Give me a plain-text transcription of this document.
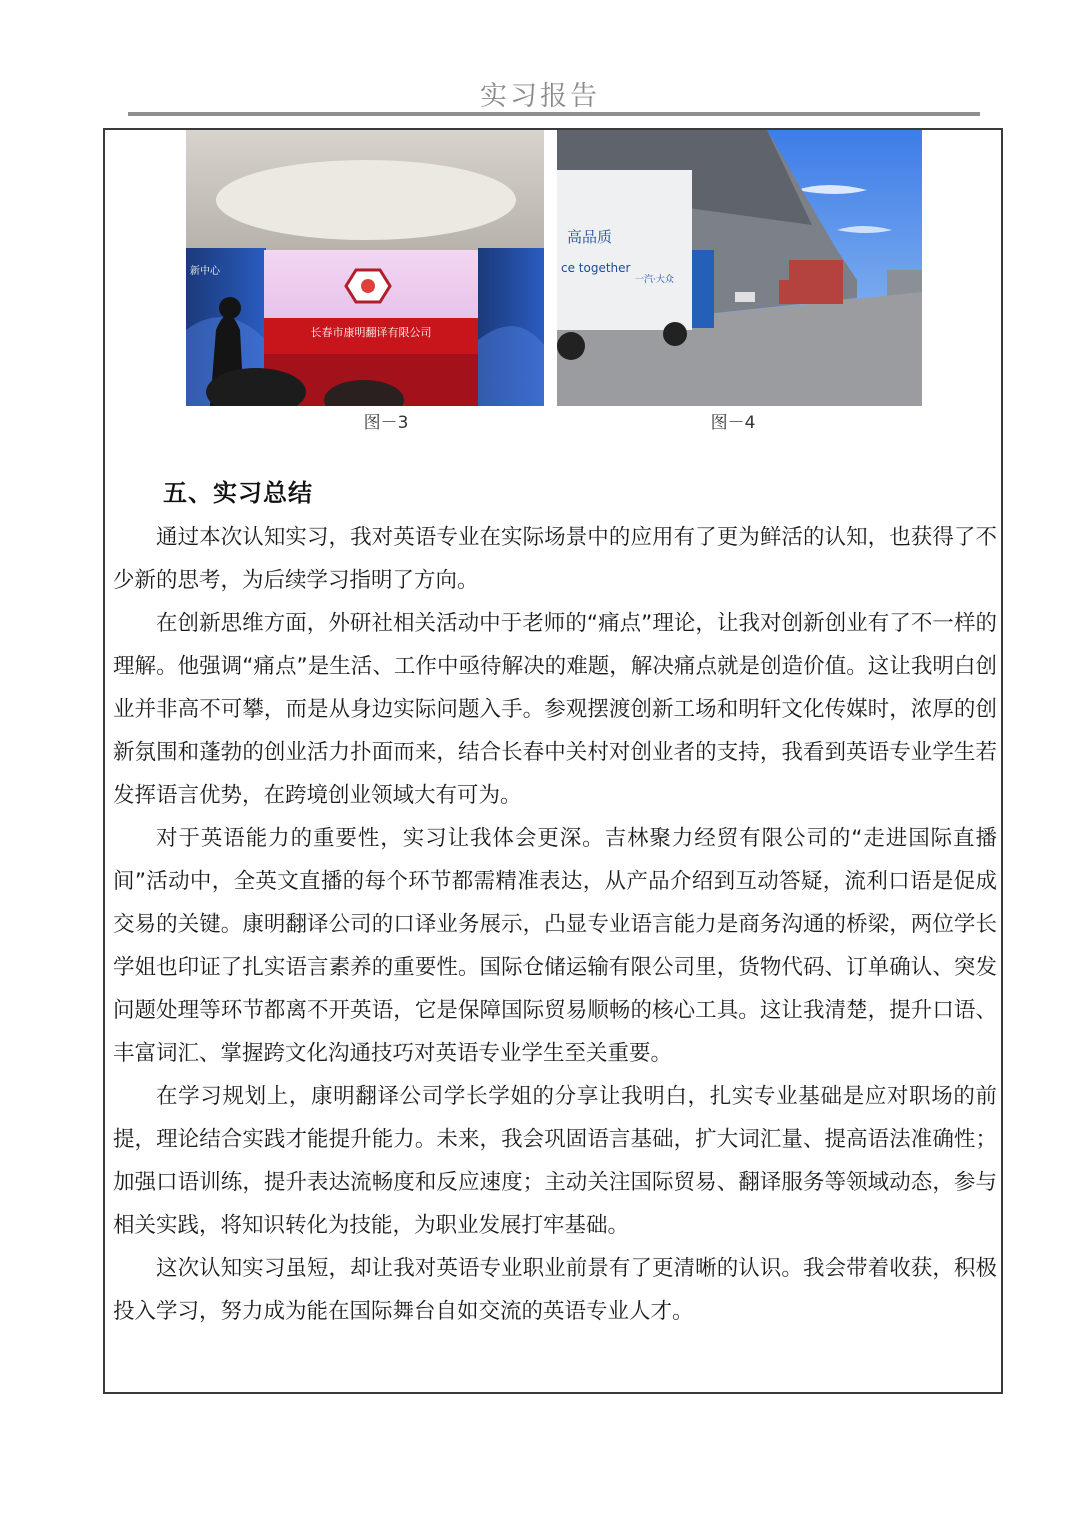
实习报告
长春市康明翻译有限公司
新中心
图－3
高品质
ce together
一汽·大众
图－4
五、实习总结

通过本次认知实习，我对英语专业在实际场景中的应用有了更为鲜活的认知，也获得了不少新的思考，为后续学习指明了方向。

在创新思维方面，外研社相关活动中于老师的“痛点”理论，让我对创新创业有了不一样的理解。他强调“痛点”是生活、工作中亟待解决的难题，解决痛点就是创造价值。这让我明白创业并非高不可攀，而是从身边实际问题入手。参观摆渡创新工场和明轩文化传媒时，浓厚的创新氛围和蓬勃的创业活力扑面而来，结合长春中关村对创业者的支持，我看到英语专业学生若发挥语言优势，在跨境创业领域大有可为。

对于英语能力的重要性，实习让我体会更深。吉林聚力经贸有限公司的“走进国际直播间”活动中，全英文直播的每个环节都需精准表达，从产品介绍到互动答疑，流利口语是促成交易的关键。康明翻译公司的口译业务展示，凸显专业语言能力是商务沟通的桥梁，两位学长学姐也印证了扎实语言素养的重要性。国际仓储运输有限公司里，货物代码、订单确认、突发问题处理等环节都离不开英语，它是保障国际贸易顺畅的核心工具。这让我清楚，提升口语、丰富词汇、掌握跨文化沟通技巧对英语专业学生至关重要。

在学习规划上，康明翻译公司学长学姐的分享让我明白，扎实专业基础是应对职场的前提，理论结合实践才能提升能力。未来，我会巩固语言基础，扩大词汇量、提高语法准确性；加强口语训练，提升表达流畅度和反应速度；主动关注国际贸易、翻译服务等领域动态，参与相关实践，将知识转化为技能，为职业发展打牢基础。

这次认知实习虽短，却让我对英语专业职业前景有了更清晰的认识。我会带着收获，积极投入学习，努力成为能在国际舞台自如交流的英语专业人才。
